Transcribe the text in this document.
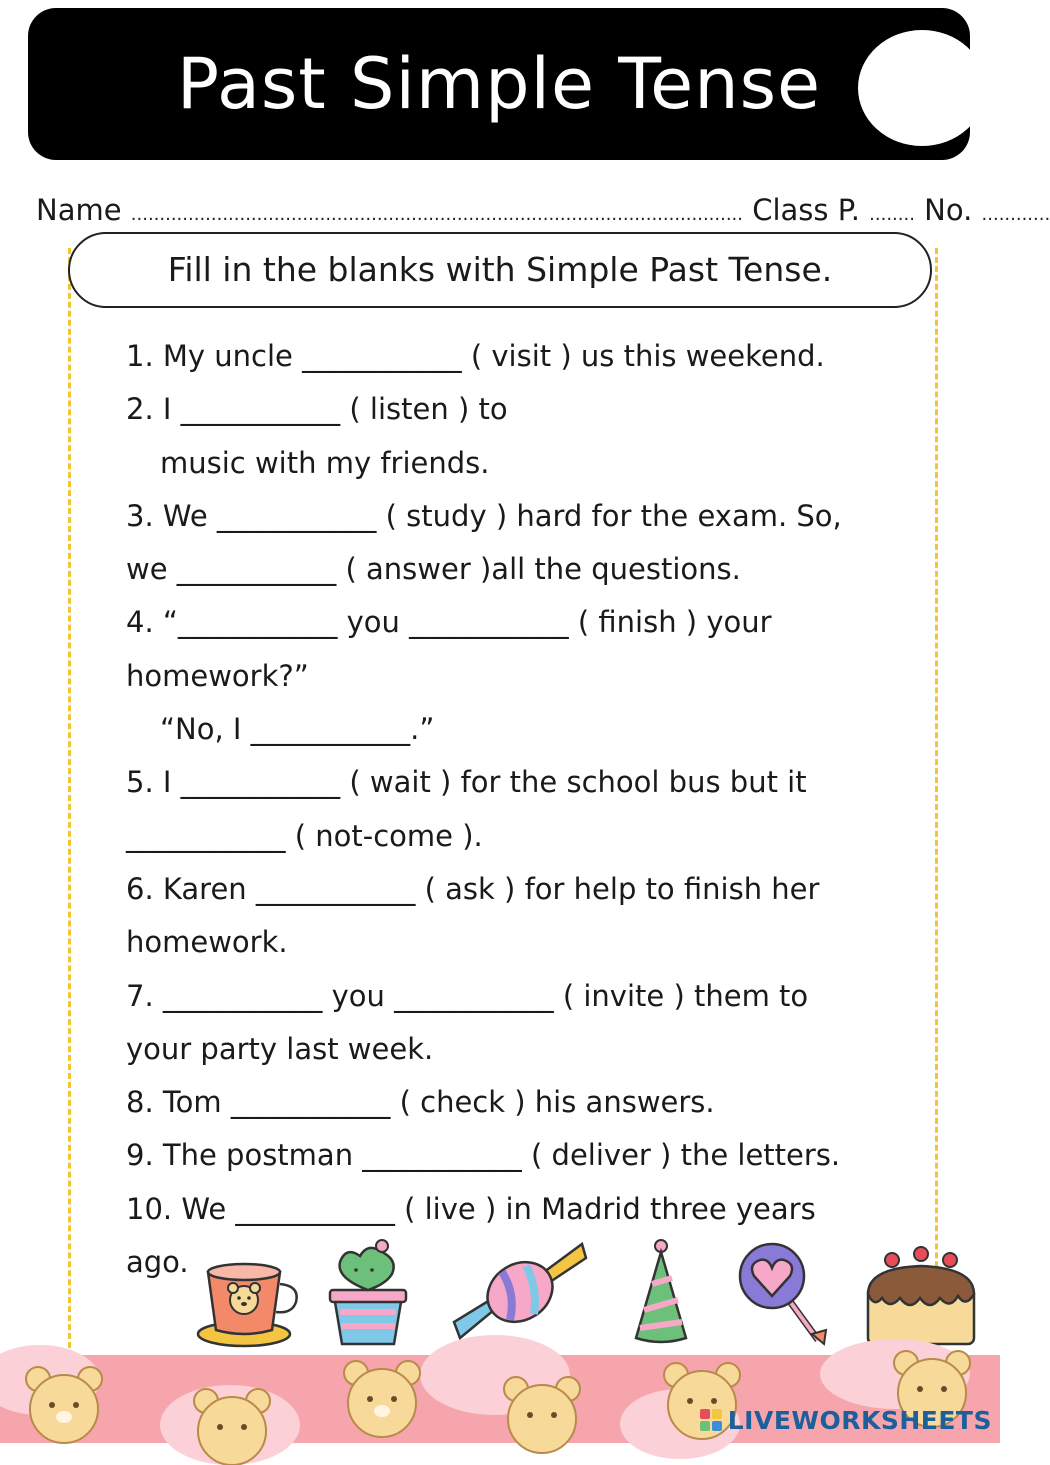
Past Simple Tense
Name ........................................................................................................... Class P. ........ No. ............
Fill in the blanks with Simple Past Tense.
1. My uncle ___________ ( visit ) us this weekend.
2. I ___________ ( listen ) to
music with my friends.
3. We ___________ ( study ) hard for the exam. So,
we ___________ ( answer )all the questions.
4. “___________ you ___________ ( finish ) your
homework?”
“No, I ___________.”
5. I ___________ ( wait ) for the school bus but it
___________ ( not-come ).
6. Karen ___________ ( ask ) for help to finish her
homework.
7. ___________ you ___________ ( invite ) them to
your party last week.
8. Tom ___________ ( check ) his answers.
9. The postman ___________ ( deliver ) the letters.
10. We ___________ ( live ) in Madrid three years
ago.
LIVEWORKSHEETS
